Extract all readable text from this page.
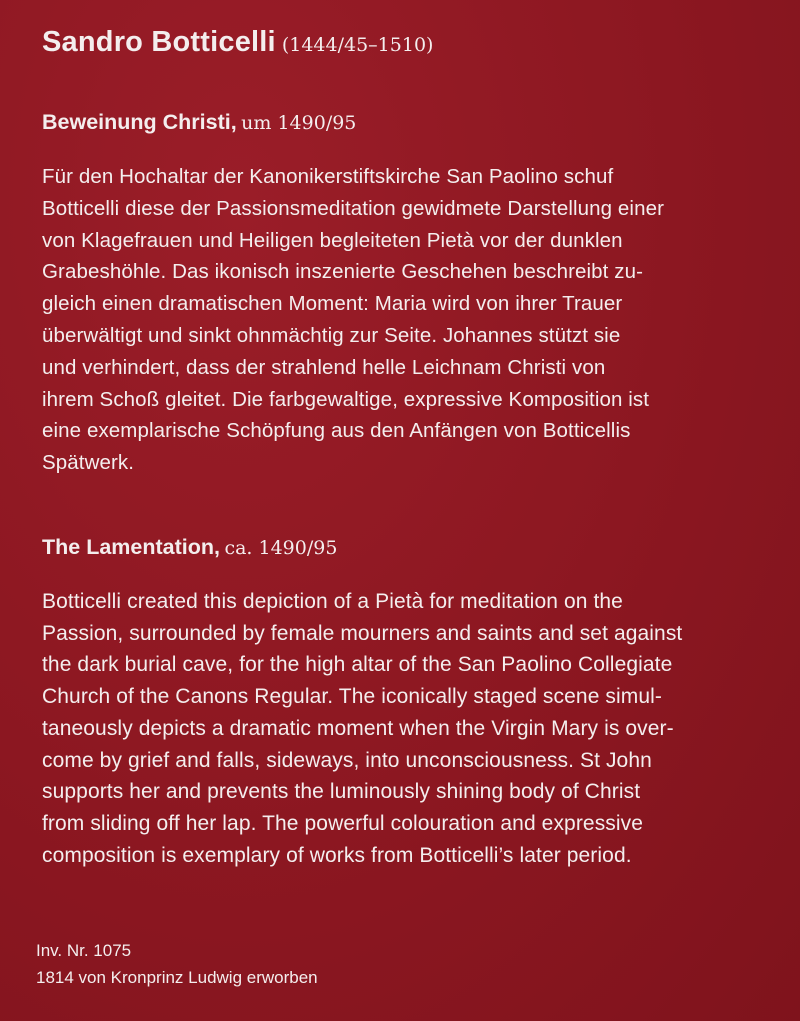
Sandro Botticelli (1444/45–1510)
Beweinung Christi, um 1490/95
Für den Hochaltar der Kanonikerstiftskirche San Paolino schuf
Botticelli diese der Passionsmeditation gewidmete Darstellung einer
von Klagefrauen und Heiligen begleiteten Pietà vor der dunklen
Grabeshöhle. Das ikonisch inszenierte Geschehen beschreibt zu-
gleich einen dramatischen Moment: Maria wird von ihrer Trauer
überwältigt und sinkt ohnmächtig zur Seite. Johannes stützt sie
und verhindert, dass der strahlend helle Leichnam Christi von
ihrem Schoß gleitet. Die farbgewaltige, expressive Komposition ist
eine exemplarische Schöpfung aus den Anfängen von Botticellis
Spätwerk.
The Lamentation, ca. 1490/95
Botticelli created this depiction of a Pietà for meditation on the
Passion, surrounded by female mourners and saints and set against
the dark burial cave, for the high altar of the San Paolino Collegiate
Church of the Canons Regular. The iconically staged scene simul-
taneously depicts a dramatic moment when the Virgin Mary is over-
come by grief and falls, sideways, into unconsciousness. St John
supports her and prevents the luminously shining body of Christ
from sliding off her lap. The powerful colouration and expressive
composition is exemplary of works from Botticelli’s later period.
Inv. Nr. 1075
1814 von Kronprinz Ludwig erworben
